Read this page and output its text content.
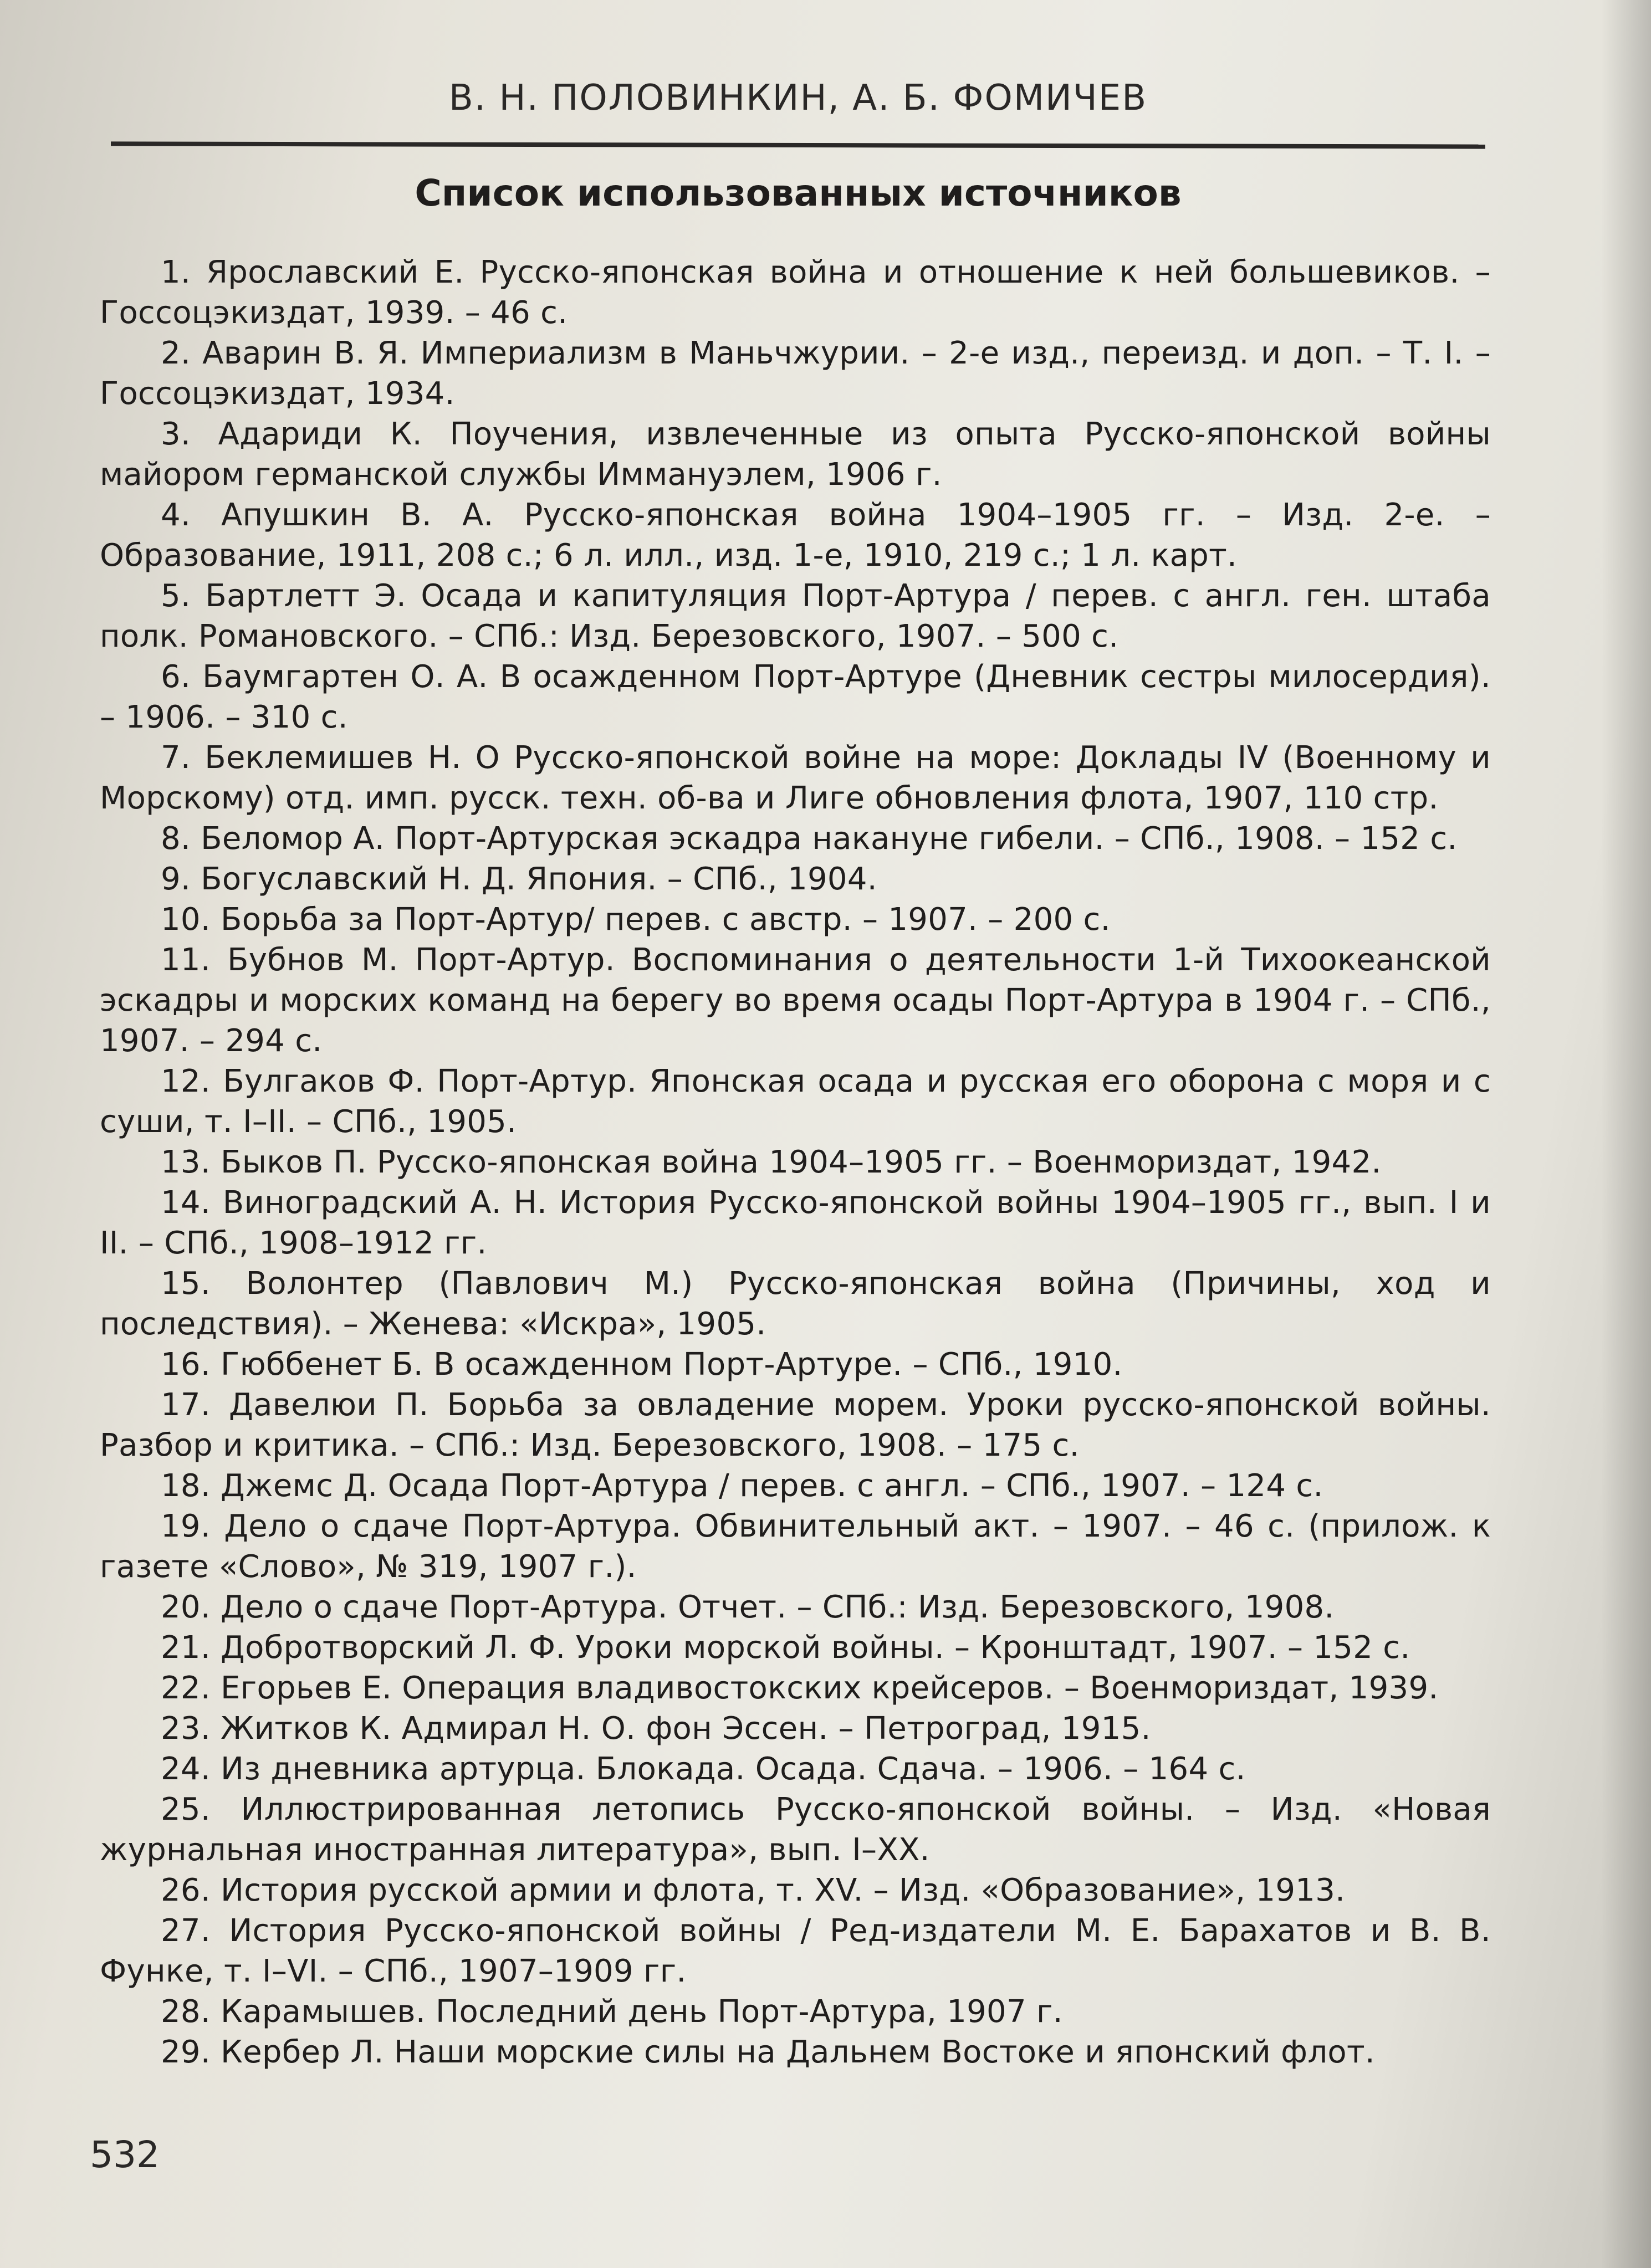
В. Н. ПОЛОВИНКИН, А. Б. ФОМИЧЕВ
Список использованных источников
1. Ярославский Е. Русско-японская война и отношение к ней большевиков. – Госсоцэкиздат, 1939. – 46 с.
2. Аварин В. Я. Империализм в Маньчжурии. – 2-е изд., переизд. и доп. – Т. I. – Госсоцэкиздат, 1934.
3. Адариди К. Поучения, извлеченные из опыта Русско-японской войны майором германской службы Иммануэлем, 1906 г.
4. Апушкин В. А. Русско-японская война 1904–1905 гг. – Изд. 2-е. – Образование, 1911, 208 с.; 6 л. илл., изд. 1-е, 1910, 219 с.; 1 л. карт.
5. Бартлетт Э. Осада и капитуляция Порт-Артура / перев. с англ. ген. штаба полк. Романовского. – СПб.: Изд. Березовского, 1907. – 500 с.
6. Баумгартен О. А. В осажденном Порт-Артуре (Дневник сестры милосердия). – 1906. – 310 с.
7. Беклемишев Н. О Русско-японской войне на море: Доклады IV (Военному и Морскому) отд. имп. русск. техн. об-ва и Лиге обновления флота, 1907, 110 стр.
8. Беломор А. Порт-Артурская эскадра накануне гибели. – СПб., 1908. – 152 с.
9. Богуславский Н. Д. Япония. – СПб., 1904.
10. Борьба за Порт-Артур/ перев. с австр. – 1907. – 200 с.
11. Бубнов М. Порт-Артур. Воспоминания о деятельности 1-й Тихоокеанской эскадры и морских команд на берегу во время осады Порт-Артура в 1904 г. – СПб., 1907. – 294 с.
12. Булгаков Ф. Порт-Артур. Японская осада и русская его оборона с моря и с суши, т. I–II. – СПб., 1905.
13. Быков П. Русско-японская война 1904–1905 гг. – Военмориздат, 1942.
14. Виноградский А. Н. История Русско-японской войны 1904–1905 гг., вып. I и II. – СПб., 1908–1912 гг.
15. Волонтер (Павлович М.) Русско-японская война (Причины, ход и последствия). – Женева: «Искра», 1905.
16. Гюббенет Б. В осажденном Порт-Артуре. – СПб., 1910.
17. Давелюи П. Борьба за овладение морем. Уроки русско-японской войны. Разбор и критика. – СПб.: Изд. Березовского, 1908. – 175 с.
18. Джемс Д. Осада Порт-Артура / перев. с англ. – СПб., 1907. – 124 с.
19. Дело о сдаче Порт-Артура. Обвинительный акт. – 1907. – 46 с. (прилож. к газете «Слово», № 319, 1907 г.).
20. Дело о сдаче Порт-Артура. Отчет. – СПб.: Изд. Березовского, 1908.
21. Добротворский Л. Ф. Уроки морской войны. – Кронштадт, 1907. – 152 с.
22. Егорьев Е. Операция владивостокских крейсеров. – Военмориздат, 1939.
23. Житков К. Адмирал Н. О. фон Эссен. – Петроград, 1915.
24. Из дневника артурца. Блокада. Осада. Сдача. – 1906. – 164 с.
25. Иллюстрированная летопись Русско-японской войны. – Изд. «Новая журнальная иностранная литература», вып. I–XX.
26. История русской армии и флота, т. XV. – Изд. «Образование», 1913.
27. История Русско-японской войны / Ред-издатели М. Е. Барахатов и В. В. Функе, т. I–VI. – СПб., 1907–1909 гг.
28. Карамышев. Последний день Порт-Артура, 1907 г.
29. Кербер Л. Наши морские силы на Дальнем Востоке и японский флот.
532
